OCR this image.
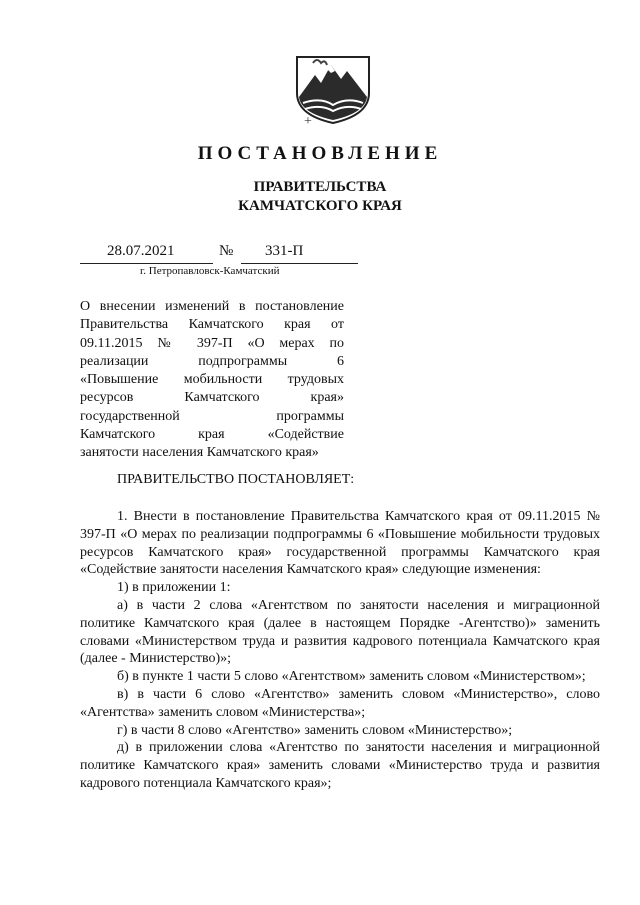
+
ПОСТАНОВЛЕНИЕ
ПРАВИТЕЛЬСТВА
КАМЧАТСКОГО КРАЯ
28.07.2021	№ 331-П
г. Петропавловск-Камчатский
О внесении изменений в постановление
Правительства Камчатского края от
09.11.2015 № 397-П «О мерах по
реализации подпрограммы 6
«Повышение мобильности трудовых
ресурсов Камчатского края»
государственной программы
Камчатского края «Содействие
занятости населения Камчатского края»
ПРАВИТЕЛЬСТВО ПОСТАНОВЛЯЕТ:

1. Внести в постановление Правительства Камчатского края от 09.11.2015 № 397-П «О мерах по реализации подпрограммы 6 «Повышение мобильности трудовых ресурсов Камчатского края» государственной программы Камчатского края «Содействие занятости населения Камчатского края» следующие изменения:

1) в приложении 1:

а) в части 2 слова «Агентством по занятости населения и миграционной политике Камчатского края (далее в настоящем Порядке -Агентство)» заменить словами «Министерством труда и развития кадрового потенциала Камчатского края (далее - Министерство)»;

б) в пункте 1 части 5 слово «Агентством» заменить словом «Министерством»;

в) в части 6 слово «Агентство» заменить словом «Министерство», слово «Агентства» заменить словом «Министерства»;

г) в части 8 слово «Агентство» заменить словом «Министерство»;

д) в приложении слова «Агентство по занятости населения и миграционной политике Камчатского края» заменить словами «Министерство труда и развития кадрового потенциала Камчатского края»;
